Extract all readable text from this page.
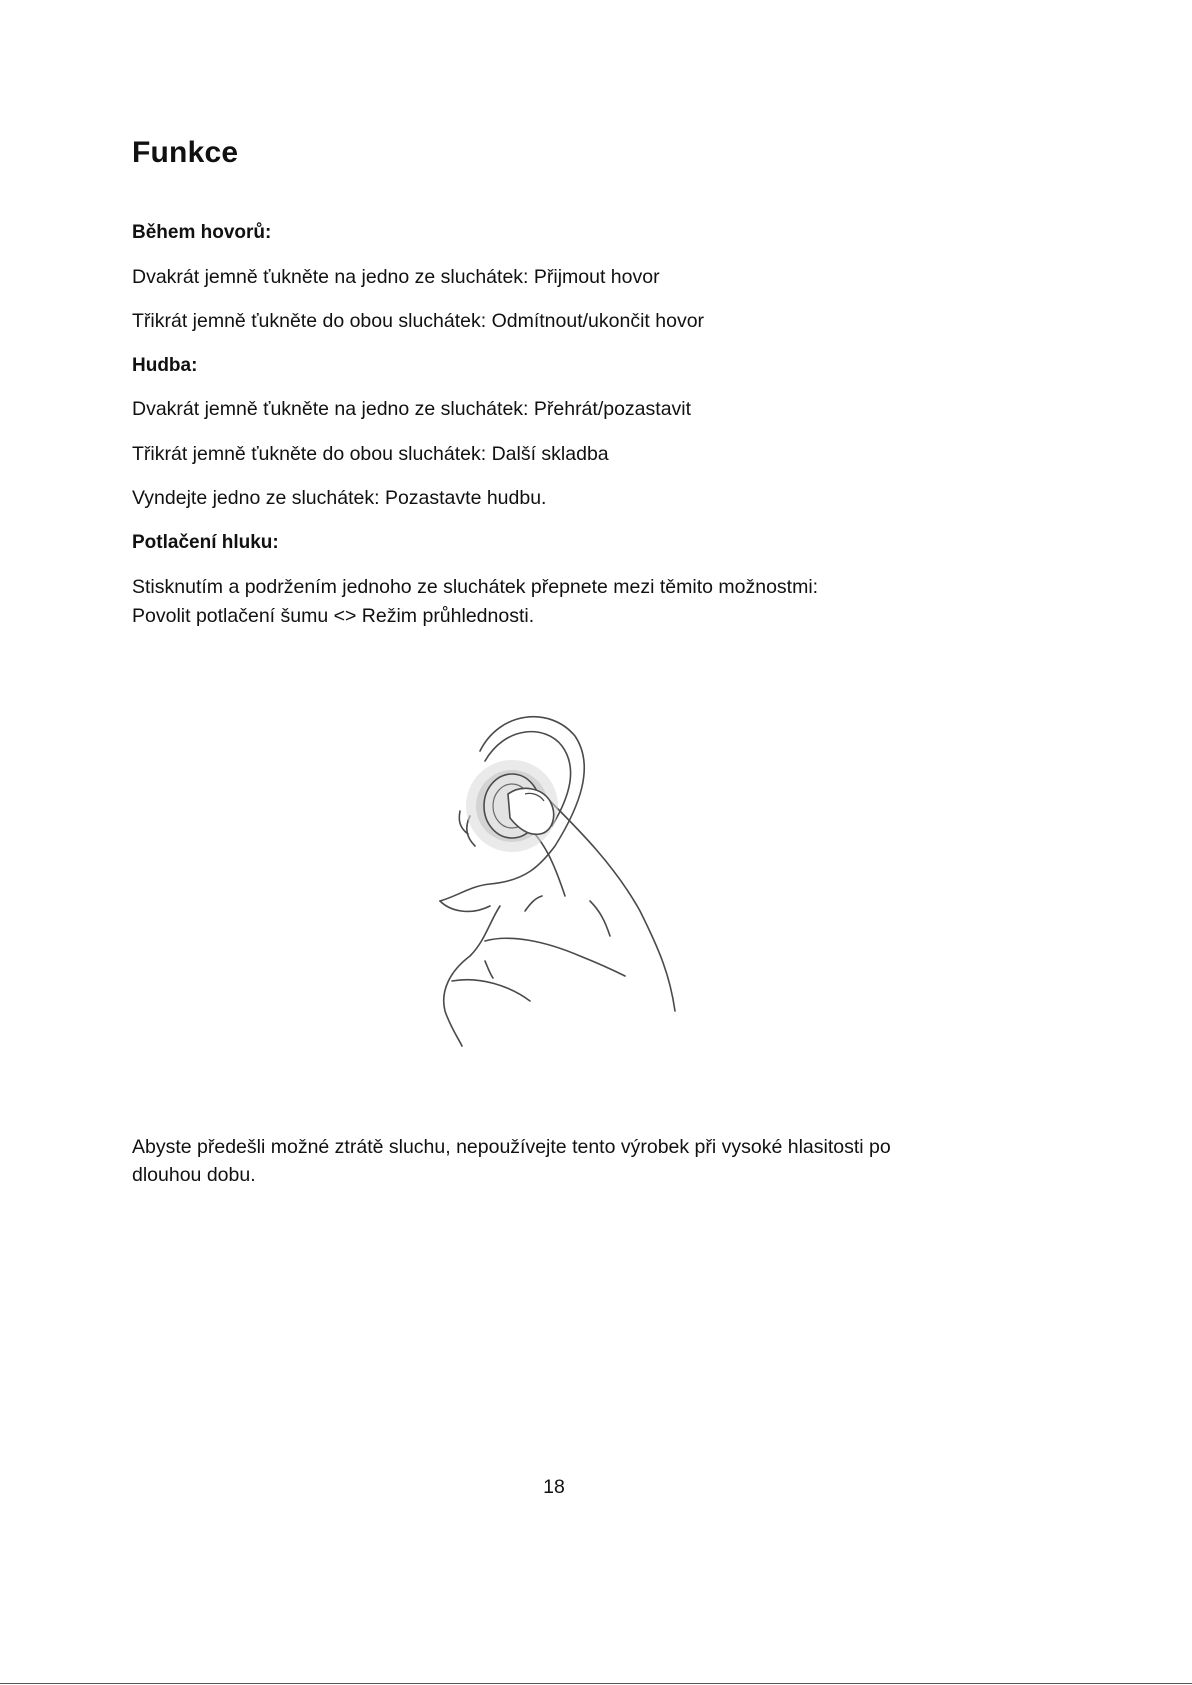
Funkce

Během hovorů:

Dvakrát jemně ťukněte na jedno ze sluchátek: Přijmout hovor

Třikrát jemně ťukněte do obou sluchátek: Odmítnout/ukončit hovor

Hudba:

Dvakrát jemně ťukněte na jedno ze sluchátek: Přehrát/pozastavit

Třikrát jemně ťukněte do obou sluchátek: Další skladba

Vyndejte jedno ze sluchátek: Pozastavte hudbu.

Potlačení hluku:

Stisknutím a podržením jednoho ze sluchátek přepnete mezi těmito možnostmi:

Povolit potlačení šumu <> Režim průhlednosti.

Abyste předešli možné ztrátě sluchu, nepoužívejte tento výrobek při vysoké hlasitosti po

dlouhou dobu.

18
